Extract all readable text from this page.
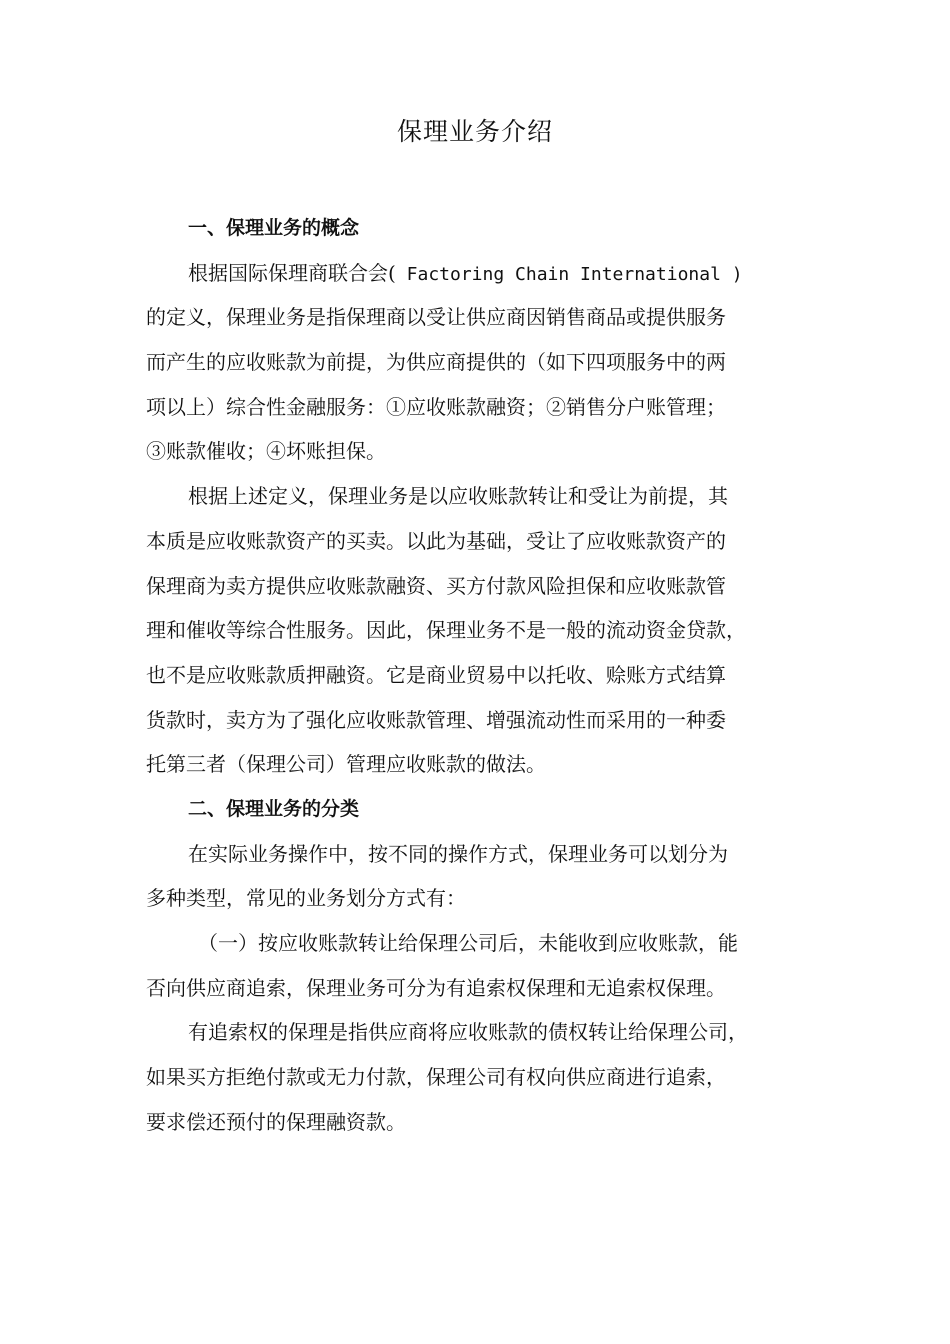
保理业务介绍
一、保理业务的概念
根据国际保理商联合会( Factoring Chain International )
的定义，保理业务是指保理商以受让供应商因销售商品或提供服务
而产生的应收账款为前提，为供应商提供的（如下四项服务中的两
项以上）综合性金融服务：①应收账款融资；②销售分户账管理；
③账款催收；④坏账担保。
根据上述定义，保理业务是以应收账款转让和受让为前提，其
本质是应收账款资产的买卖。以此为基础，受让了应收账款资产的
保理商为卖方提供应收账款融资、买方付款风险担保和应收账款管
理和催收等综合性服务。因此，保理业务不是一般的流动资金贷款，
也不是应收账款质押融资。它是商业贸易中以托收、赊账方式结算
货款时，卖方为了强化应收账款管理、增强流动性而采用的一种委
托第三者（保理公司）管理应收账款的做法。
二、保理业务的分类
在实际业务操作中，按不同的操作方式，保理业务可以划分为
多种类型，常见的业务划分方式有：
（一）按应收账款转让给保理公司后，未能收到应收账款，能
否向供应商追索，保理业务可分为有追索权保理和无追索权保理。
有追索权的保理是指供应商将应收账款的债权转让给保理公司，
如果买方拒绝付款或无力付款，保理公司有权向供应商进行追索，
要求偿还预付的保理融资款。
